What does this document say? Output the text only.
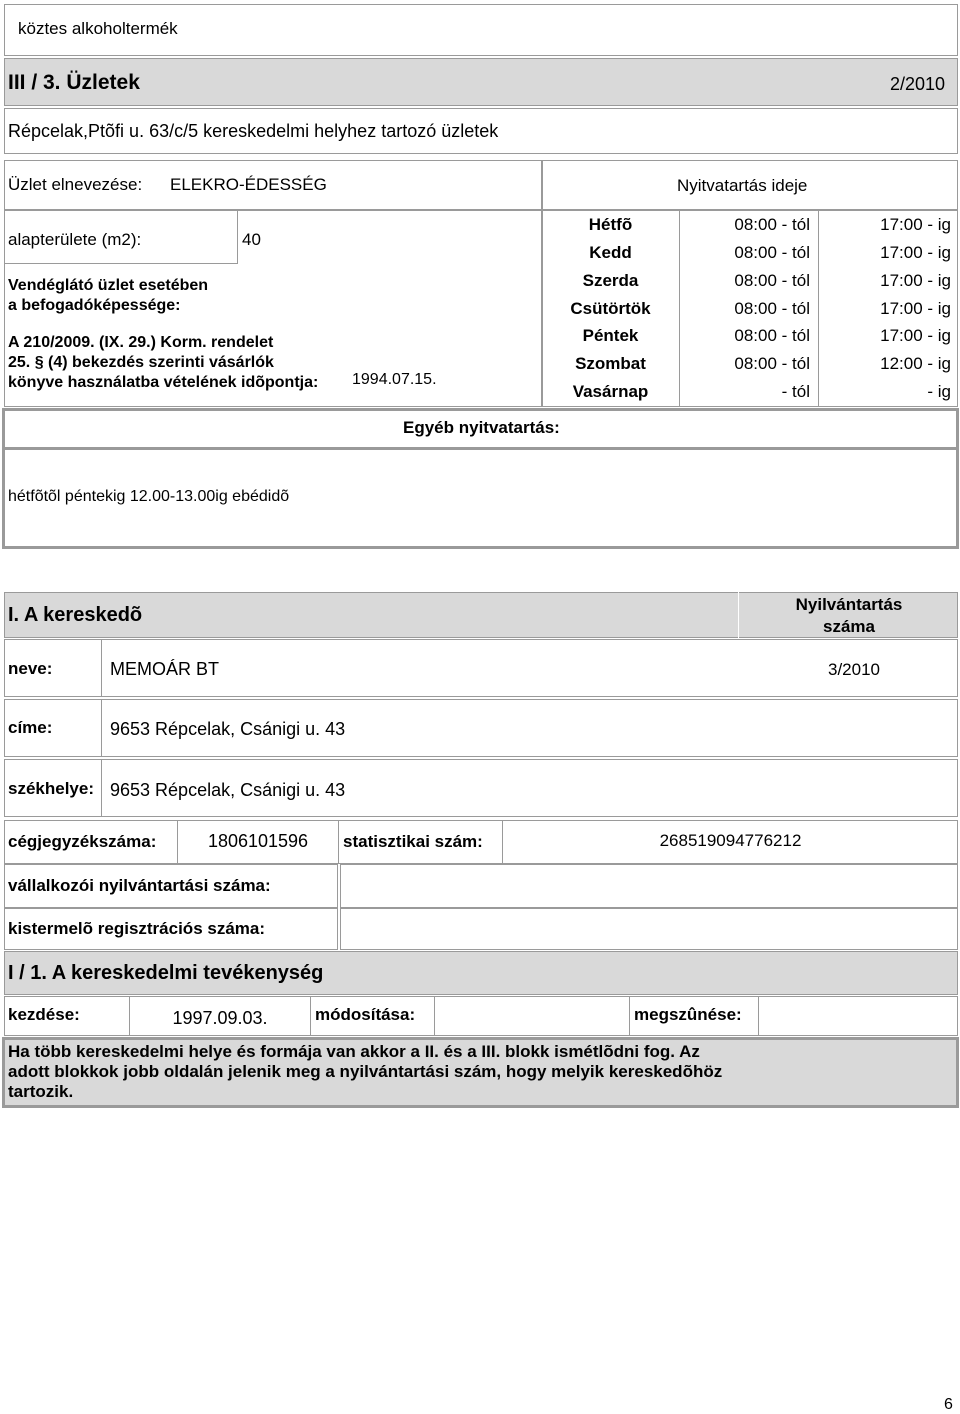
köztes alkoholtermék
III / 3. Üzletek	2/2010
Répcelak,Ptõfi u. 63/c/5 kereskedelmi helyhez tartozó üzletek
Üzlet elnevezése: ELEKRO-ÉDESSÉG	Nyitvatartás ideje
alapterülete (m2):	40
Vendéglátó üzlet esetében
a befogadóképessége:
A 210/2009. (IX. 29.) Korm. rendelet
25. § (4) bekezdés szerinti vásárlók
könyve használatba vételének idõpontja: 1994.07.15.
Hétfõ	08:00 - tól	17:00 - ig
Kedd	08:00 - tól	17:00 - ig
Szerda	08:00 - tól	17:00 - ig
Csütörtök	08:00 - tól	17:00 - ig
Péntek	08:00 - tól	17:00 - ig
Szombat	08:00 - tól	12:00 - ig
Vasárnap	- tól	- ig
Egyéb nyitvatartás:
hétfõtõl péntekig 12.00-13.00ig ebédidõ
I. A kereskedõ	Nyilvántartás
száma
neve:	MEMOÁR BT	3/2010
címe:	9653 Répcelak, Csánigi u. 43
székhelye: 9653 Répcelak, Csánigi u. 43
cégjegyzékszáma:	1806101596	statisztikai szám:	268519094776212
vállalkozói nyilvántartási száma:
kistermelõ regisztrációs száma:
I / 1. A kereskedelmi tevékenység
kezdése:	1997.09.03.	módosítása:	megszûnése:
Ha több kereskedelmi helye és formája van akkor a II. és a III. blokk ismétlõdni fog. Az
adott blokkok jobb oldalán jelenik meg a nyilvántartási szám, hogy melyik kereskedõhöz
tartozik.
6
